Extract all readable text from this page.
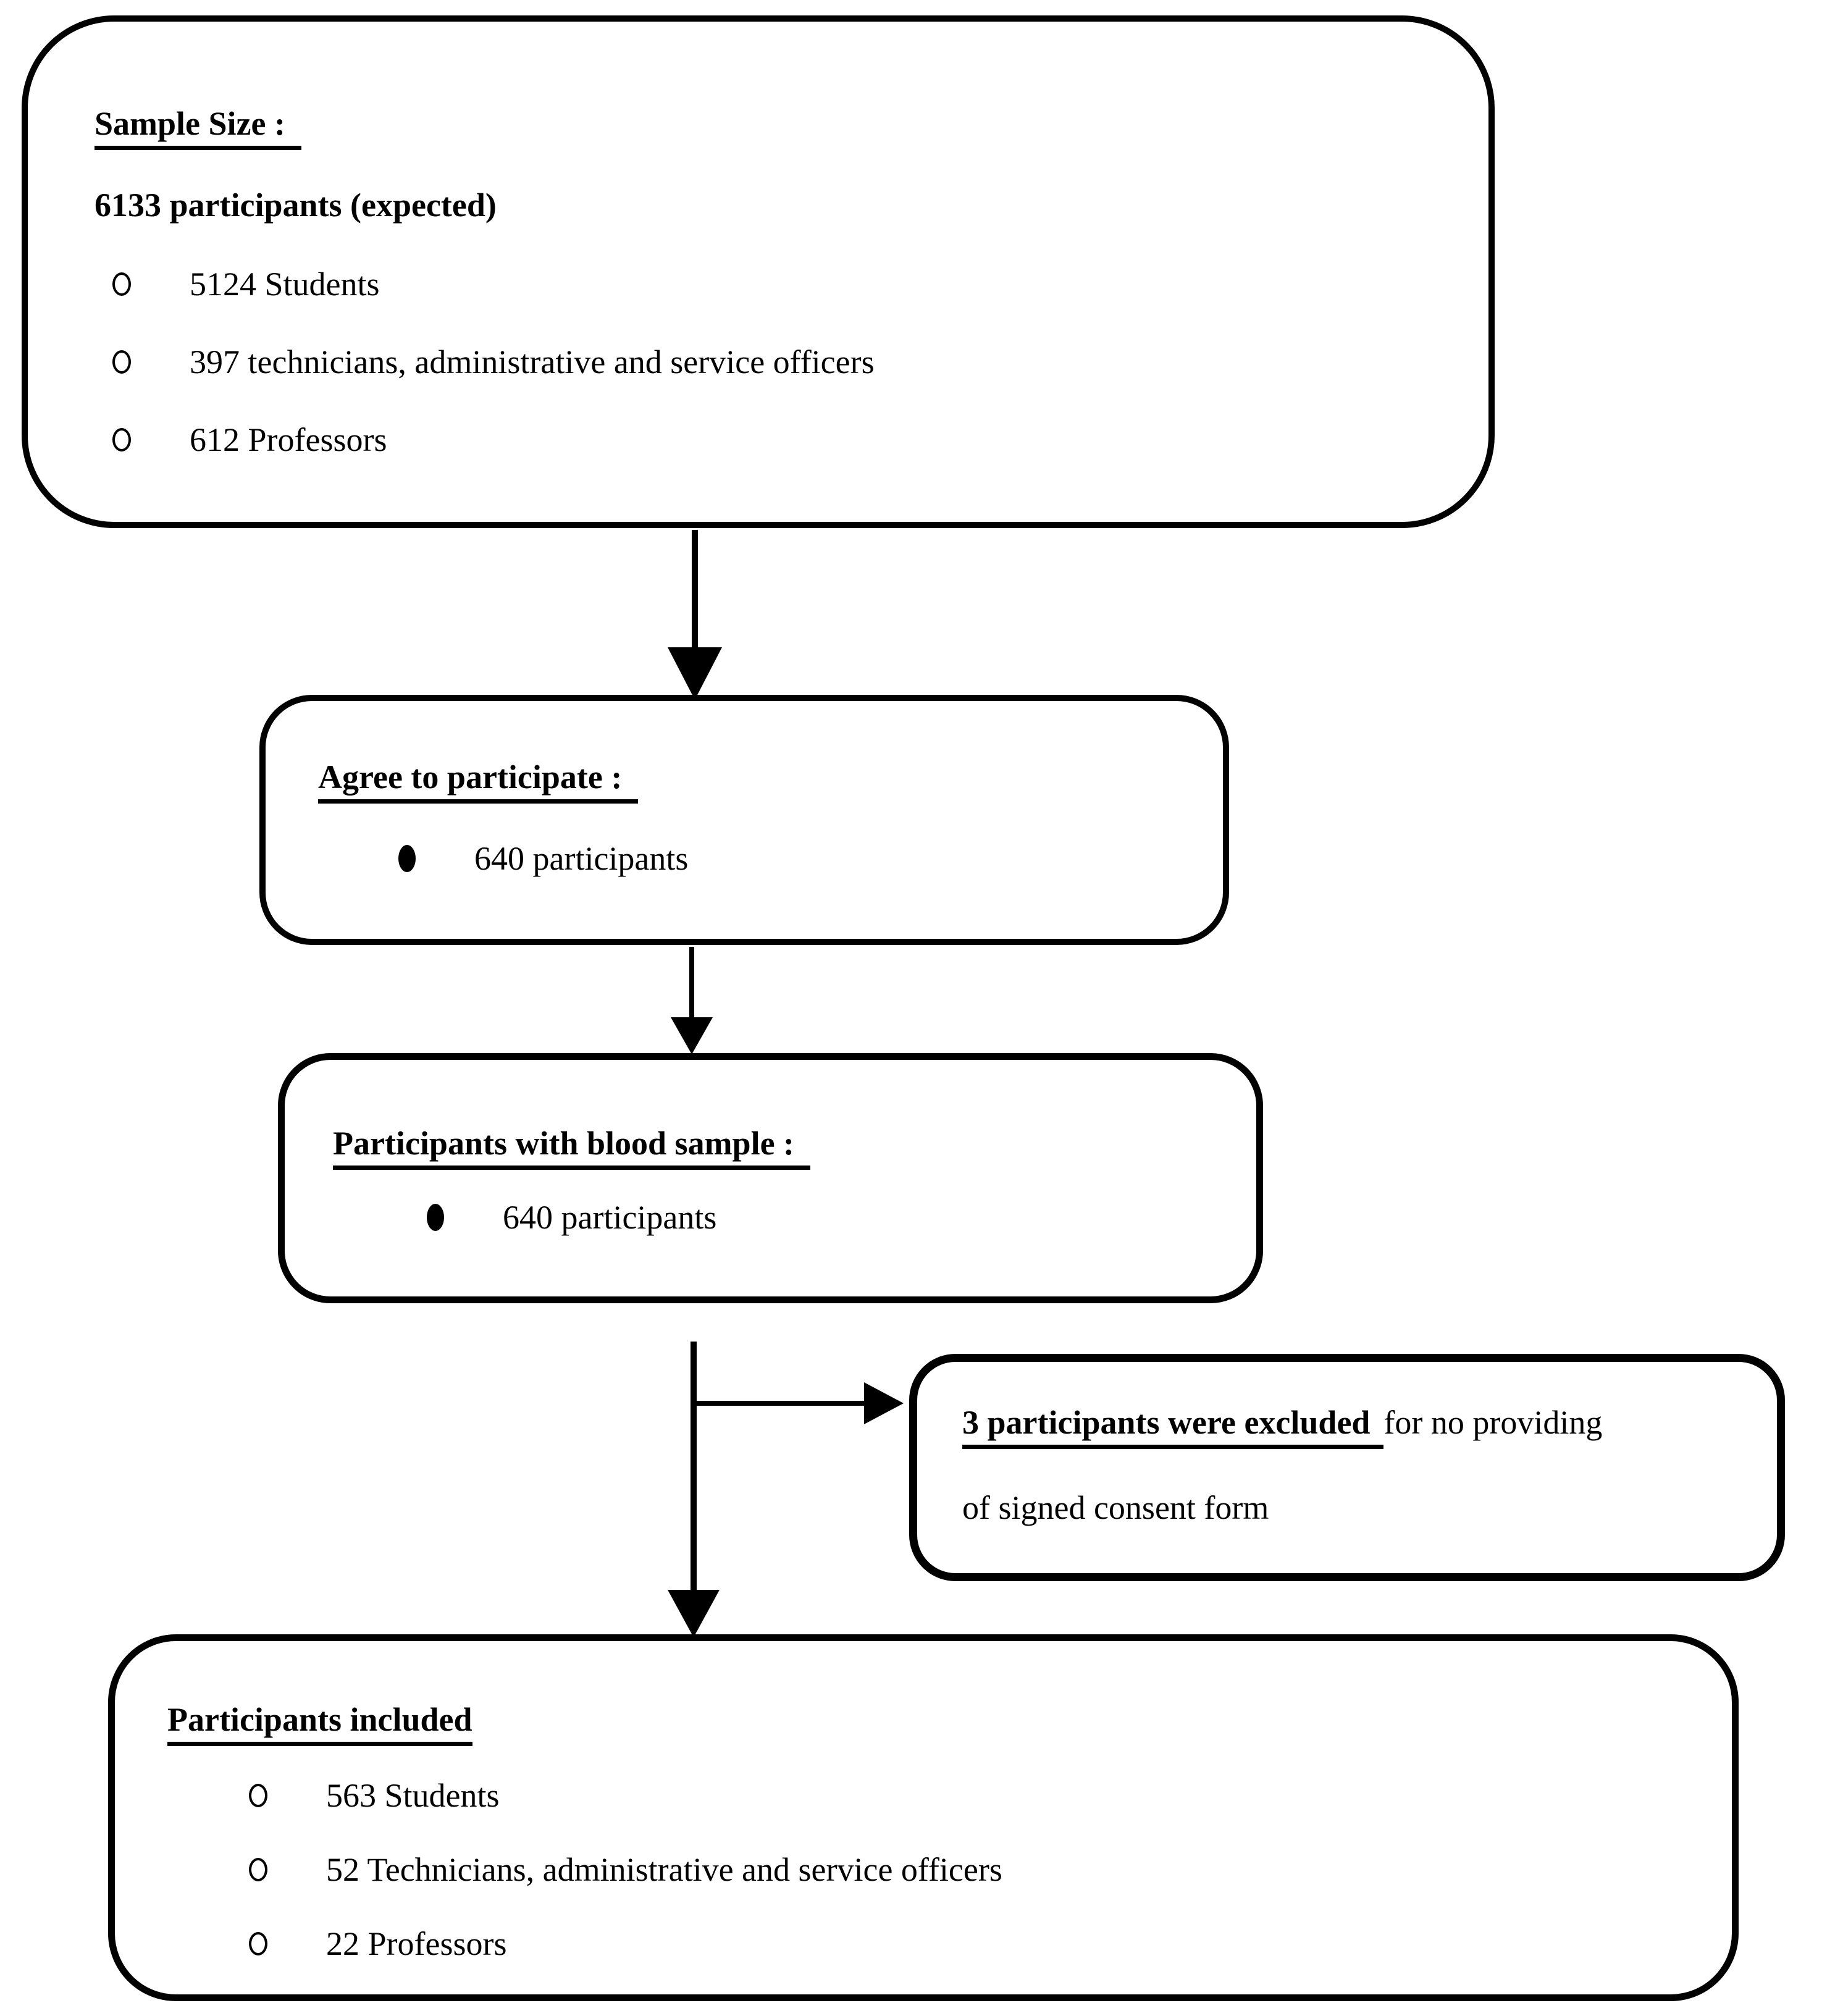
Sample Size :
6133 participants (expected)
5124 Students
397 technicians, administrative and service officers
612 Professors
Agree to participate :
640 participants
Participants with blood sample :
640 participants
3 participants were excluded for no providing
of signed consent form
Participants included
563 Students
52 Technicians, administrative and service officers
22 Professors
